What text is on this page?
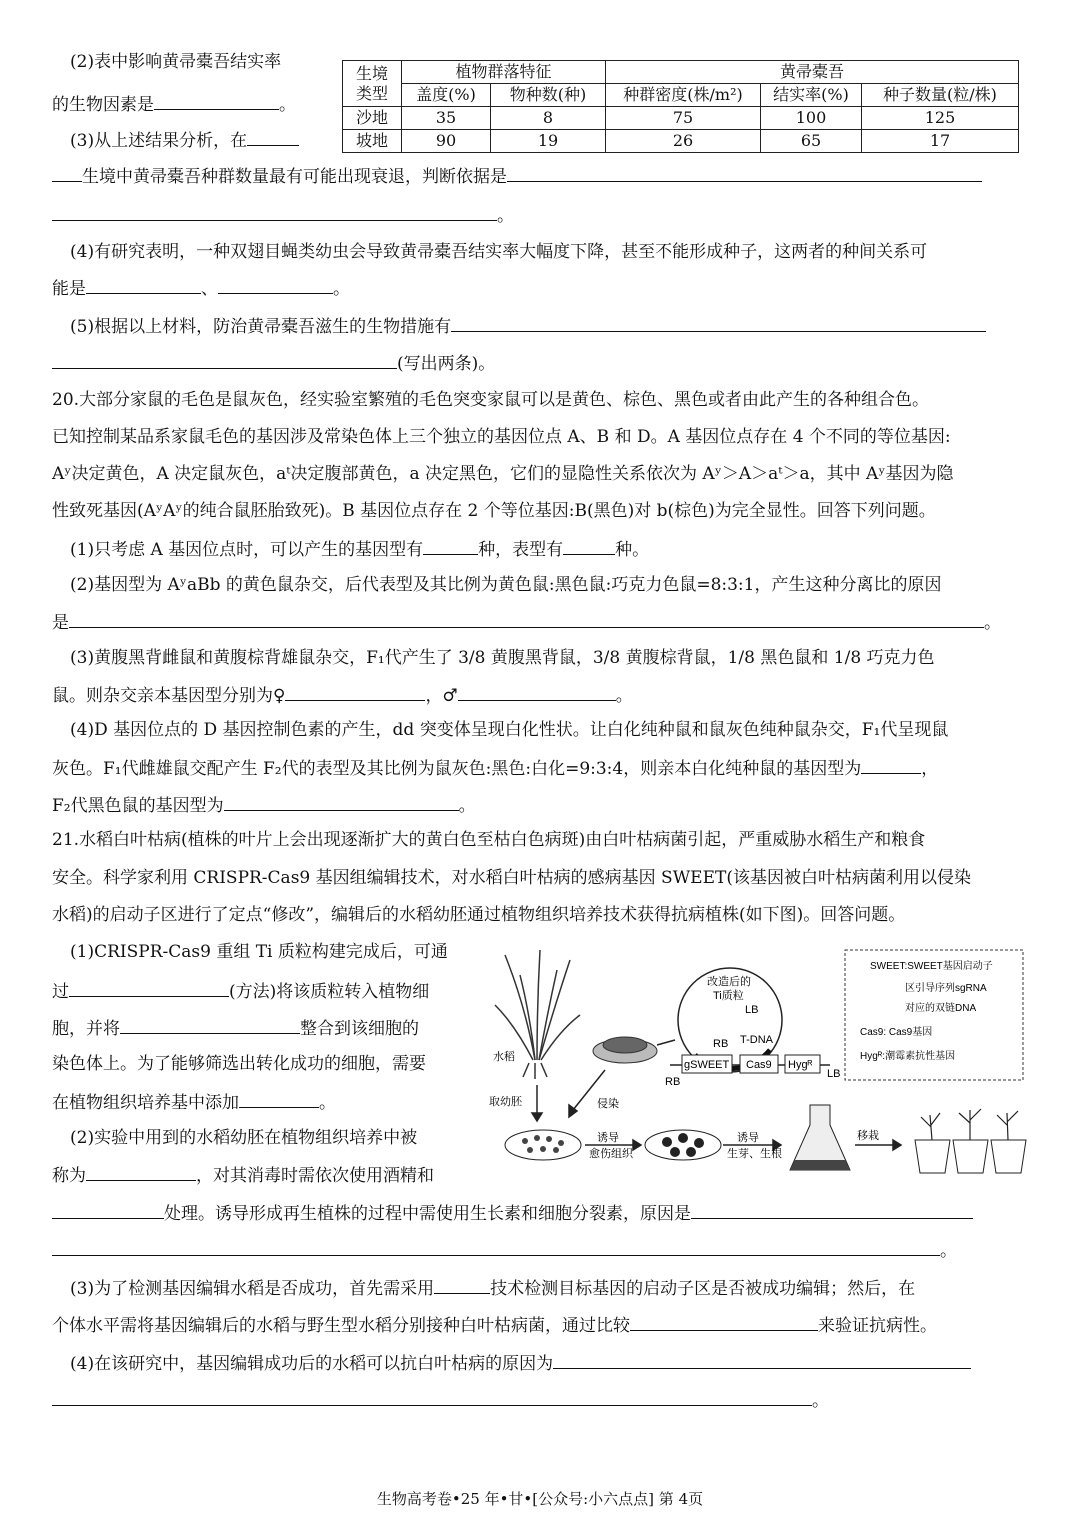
(2)表中影响黄帚橐吾结实率
的生物因素是	。
(3)从上述结果分析，在
生境
类型	植物群落特征		黄帚橐吾		
	盖度(%)	物种数(种)	种群密度(株/m²)	结实率(%)	种子数量(粒/株)
沙地	35	8	75	100	125
坡地	90	19	26	65	17
生境中黄帚橐吾种群数量最有可能出现衰退，判断依据是
。
(4)有研究表明，一种双翅目蝇类幼虫会导致黄帚橐吾结实率大幅度下降，甚至不能形成种子，这两者的种间关系可
能是	、	。
(5)根据以上材料，防治黄帚橐吾滋生的生物措施有
(写出两条)。
20.大部分家鼠的毛色是鼠灰色，经实验室繁殖的毛色突变家鼠可以是黄色、棕色、黑色或者由此产生的各种组合色。
已知控制某品系家鼠毛色的基因涉及常染色体上三个独立的基因位点 A、B 和 D。A 基因位点存在 4 个不同的等位基因:
Aʸ决定黄色，A 决定鼠灰色，aᵗ决定腹部黄色，a 决定黑色，它们的显隐性关系依次为 Aʸ＞A＞aᵗ＞a，其中 Aʸ基因为隐
性致死基因(AʸAʸ的纯合鼠胚胎致死)。B 基因位点存在 2 个等位基因:B(黑色)对 b(棕色)为完全显性。回答下列问题。
(1)只考虑 A 基因位点时，可以产生的基因型有	种，表型有	种。
(2)基因型为 AʸaBb 的黄色鼠杂交，后代表型及其比例为黄色鼠:黑色鼠:巧克力色鼠=8:3:1，产生这种分离比的原因
是	。
(3)黄腹黑背雌鼠和黄腹棕背雄鼠杂交，F₁代产生了 3/8 黄腹黑背鼠，3/8 黄腹棕背鼠，1/8 黑色鼠和 1/8 巧克力色
鼠。则杂交亲本基因型分别为♀	，♂	。
(4)D 基因位点的 D 基因控制色素的产生，dd 突变体呈现白化性状。让白化纯种鼠和鼠灰色纯种鼠杂交，F₁代呈现鼠
灰色。F₁代雌雄鼠交配产生 F₂代的表型及其比例为鼠灰色:黑色:白化=9:3:4，则亲本白化纯种鼠的基因型为	，
F₂代黑色鼠的基因型为	。
21.水稻白叶枯病(植株的叶片上会出现逐渐扩大的黄白色至枯白色病斑)由白叶枯病菌引起，严重威胁水稻生产和粮食
安全。科学家利用 CRISPR-Cas9 基因组编辑技术，对水稻白叶枯病的感病基因 SWEET(该基因被白叶枯病菌利用以侵染
水稻)的启动子区进行了定点“修改”，编辑后的水稻幼胚通过植物组织培养技术获得抗病植株(如下图)。回答问题。
(1)CRISPR-Cas9 重组 Ti 质粒构建完成后，可通
过	(方法)将该质粒转入植物细
胞，并将	整合到该细胞的
染色体上。为了能够筛选出转化成功的细胞，需要
在植物组织培养基中添加	。
(2)实验中用到的水稻幼胚在植物组织培养中被
称为	，对其消毒时需依次使用酒精和
处理。诱导形成再生植株的过程中需使用生长素和细胞分裂素，原因是
。
(3)为了检测基因编辑水稻是否成功，首先需采用	技术检测目标基因的启动子区是否被成功编辑；然后，在
个体水平需将基因编辑后的水稻与野生型水稻分别接种白叶枯病菌，通过比较	来验证抗病性。
(4)在该研究中，基因编辑成功后的水稻可以抗白叶枯病的原因为
。
水稻
改造后的
Ti质粒
LB
RB T-DNA
gSWEET Cas9 Hygᴿ
RB
LB
SWEET:SWEET基因启动子
区引导序列sgRNA
对应的双链DNA
Cas9: Cas9基因
Hygᴿ:潮霉素抗性基因
取幼胚	侵染
诱导
愈伤组织
诱导
生芽、生根
移栽
生物高考卷•25 年•甘•[公众号:小六点点] 第 4页
